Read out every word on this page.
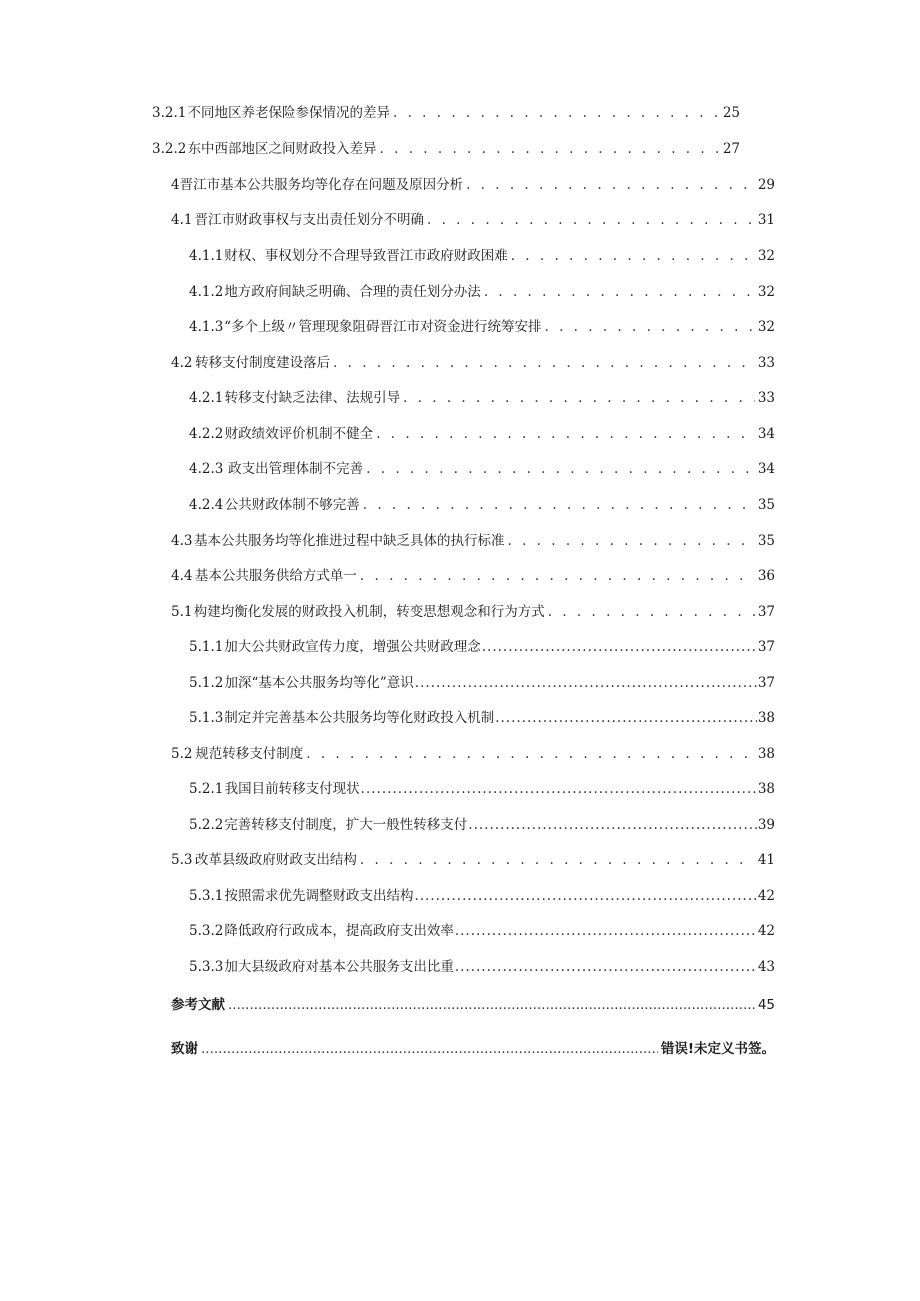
3.2.1 不同地区养老保险参保情况的差异 . . .	25
3.2.2 东中西部地区之间财政投入差异 . . .	27
4 晋江市基本公共服务均等化存在问题及原因分析 . . .	29
4.1 晋江市财政事权与支出责任划分不明确 . . .	31
4.1.1 财权、事权划分不合理导致晋江市政府财政困难 . . .	32
4.1.2 地方政府间缺乏明确、合理的责任划分办法 . . .	32
4.1.3 “多个上级〃管理现象阻碍晋江市对资金进行统筹安排 . . .	32
4.2 转移支付制度建设落后 . . .	33
4.2.1 转移支付缺乏法律、法规引导 . . .	33
4.2.2 财政绩效评价机制不健全 . . .	34
4.2.3 政支出管理体制不完善 . . .	34
4.2.4 公共财政体制不够完善 . . .	35
4.3 基本公共服务均等化推进过程中缺乏具体的执行标准 . . .	35
4.4 基本公共服务供给方式单一 . . .	36
5.1 构建均衡化发展的财政投入机制，转变思想观念和行为方式 . . .	37
5.1.1 加大公共财政宣传力度，增强公共财政理念 .....	37
5.1.2 加深“基本公共服务均等化”意识 .....	37
5.1.3 制定并完善基本公共服务均等化财政投入机制 .....	38
5.2 规范转移支付制度 . . .	38
5.2.1 我国目前转移支付现状 .....	38
5.2.2 完善转移支付制度，扩大一般性转移支付 .....	39
5.3 改革县级政府财政支出结构 . . .	41
5.3.1 按照需求优先调整财政支出结构 .....	42
5.3.2 降低政府行政成本，提高政府支出效率 .....	42
5.3.3 加大县级政府对基本公共服务支出比重 .....	43
参考文献 .....	45
致谢 .....	错误!未定义书签。
